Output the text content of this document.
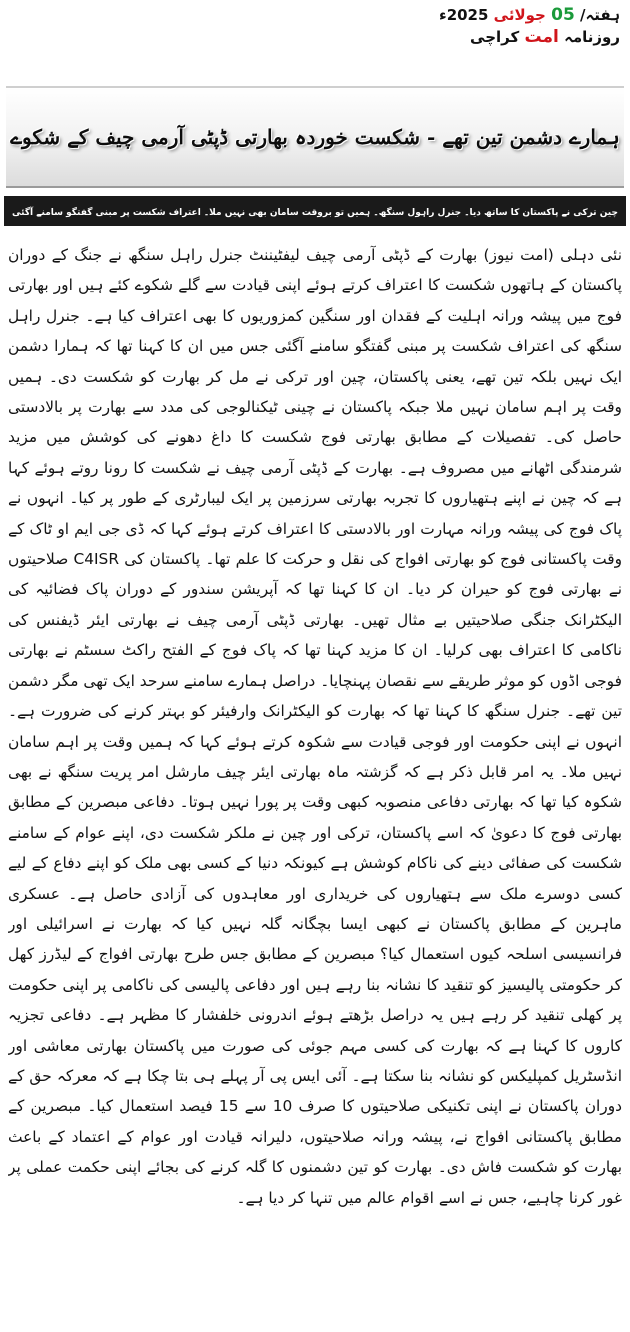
ہفتہ/ 05 جولائی 2025ء
روزنامہ امت کراچی
ہمارے دشمن تین تھے - شکست خوردہ بھارتی ڈپٹی آرمی چیف کے شکوے
چین ترکی نے پاکستان کا ساتھ دیا۔ جنرل راہول سنگھ۔ ہمیں تو بروقت سامان بھی نہیں ملا۔ اعتراف شکست پر مبنی گفتگو سامنے آگئی

نئی دہلی (امت نیوز) بھارت کے ڈپٹی آرمی چیف لیفٹیننٹ جنرل راہل سنگھ نے جنگ کے دوران پاکستان کے ہاتھوں شکست کا اعتراف کرتے ہوئے اپنی قیادت سے گلے شکوے کئے ہیں اور بھارتی فوج میں پیشہ ورانہ اہلیت کے فقدان اور سنگین کمزوریوں کا بھی اعتراف کیا ہے۔ جنرل راہل سنگھ کی اعتراف شکست پر مبنی گفتگو سامنے آگئی جس میں ان کا کہنا تھا کہ ہمارا دشمن ایک نہیں بلکہ تین تھے، یعنی پاکستان، چین اور ترکی نے مل کر بھارت کو شکست دی۔ ہمیں وقت پر اہم سامان نہیں ملا جبکہ پاکستان نے چینی ٹیکنالوجی کی مدد سے بھارت پر بالادستی حاصل کی۔ تفصیلات کے مطابق بھارتی فوج شکست کا داغ دھونے کی کوشش میں مزید شرمندگی اٹھانے میں مصروف ہے۔ بھارت کے ڈپٹی آرمی چیف نے شکست کا رونا روتے ہوئے کہا ہے کہ چین نے اپنے ہتھیاروں کا تجربہ بھارتی سرزمین پر ایک لیبارٹری کے طور پر کیا۔ انہوں نے پاک فوج کی پیشہ ورانہ مہارت اور بالادستی کا اعتراف کرتے ہوئے کہا کہ ڈی جی ایم او ٹاک کے وقت پاکستانی فوج کو بھارتی افواج کی نقل و حرکت کا علم تھا۔ پاکستان کی C4ISR صلاحیتوں نے بھارتی فوج کو حیران کر دیا۔ ان کا کہنا تھا کہ آپریشن سندور کے دوران پاک فضائیہ کی الیکٹرانک جنگی صلاحیتیں بے مثال تھیں۔ بھارتی ڈپٹی آرمی چیف نے بھارتی ایئر ڈیفنس کی ناکامی کا اعتراف بھی کرلیا۔ ان کا مزید کہنا تھا کہ پاک فوج کے الفتح راکٹ سسٹم نے بھارتی فوجی اڈوں کو موثر طریقے سے نقصان پہنچایا۔ دراصل ہمارے سامنے سرحد ایک تھی مگر دشمن تین تھے۔ جنرل سنگھ کا کہنا تھا کہ بھارت کو الیکٹرانک وارفیئر کو بہتر کرنے کی ضرورت ہے۔ انہوں نے اپنی حکومت اور فوجی قیادت سے شکوہ کرتے ہوئے کہا کہ ہمیں وقت پر اہم سامان نہیں ملا۔ یہ امر قابل ذکر ہے کہ گزشتہ ماہ بھارتی ایئر چیف مارشل امر پریت سنگھ نے بھی شکوہ کیا تھا کہ بھارتی دفاعی منصوبہ کبھی وقت پر پورا نہیں ہوتا۔ دفاعی مبصرین کے مطابق بھارتی فوج کا دعویٰ کہ اسے پاکستان، ترکی اور چین نے ملکر شکست دی، اپنے عوام کے سامنے شکست کی صفائی دینے کی ناکام کوشش ہے کیونکہ دنیا کے کسی بھی ملک کو اپنے دفاع کے لیے کسی دوسرے ملک سے ہتھیاروں کی خریداری اور معاہدوں کی آزادی حاصل ہے۔ عسکری ماہرین کے مطابق پاکستان نے کبھی ایسا بچگانہ گلہ نہیں کیا کہ بھارت نے اسرائیلی اور فرانسیسی اسلحہ کیوں استعمال کیا؟ مبصرین کے مطابق جس طرح بھارتی افواج کے لیڈرز کھل کر حکومتی پالیسیز کو تنقید کا نشانہ بنا رہے ہیں اور دفاعی پالیسی کی ناکامی پر اپنی حکومت پر کھلی تنقید کر رہے ہیں یہ دراصل بڑھتے ہوئے اندرونی خلفشار کا مظہر ہے۔ دفاعی تجزیہ کاروں کا کہنا ہے کہ بھارت کی کسی مہم جوئی کی صورت میں پاکستان بھارتی معاشی اور انڈسٹریل کمپلیکس کو نشانہ بنا سکتا ہے۔ آئی ایس پی آر پہلے ہی بتا چکا ہے کہ معرکہ حق کے دوران پاکستان نے اپنی تکنیکی صلاحیتوں کا صرف 10 سے 15 فیصد استعمال کیا۔ مبصرین کے مطابق پاکستانی افواج نے، پیشہ ورانہ صلاحیتوں، دلیرانہ قیادت اور عوام کے اعتماد کے باعث بھارت کو شکست فاش دی۔ بھارت کو تین دشمنوں کا گلہ کرنے کی بجائے اپنی حکمت عملی پر غور کرنا چاہیے، جس نے اسے اقوام عالم میں تنہا کر دیا ہے۔
